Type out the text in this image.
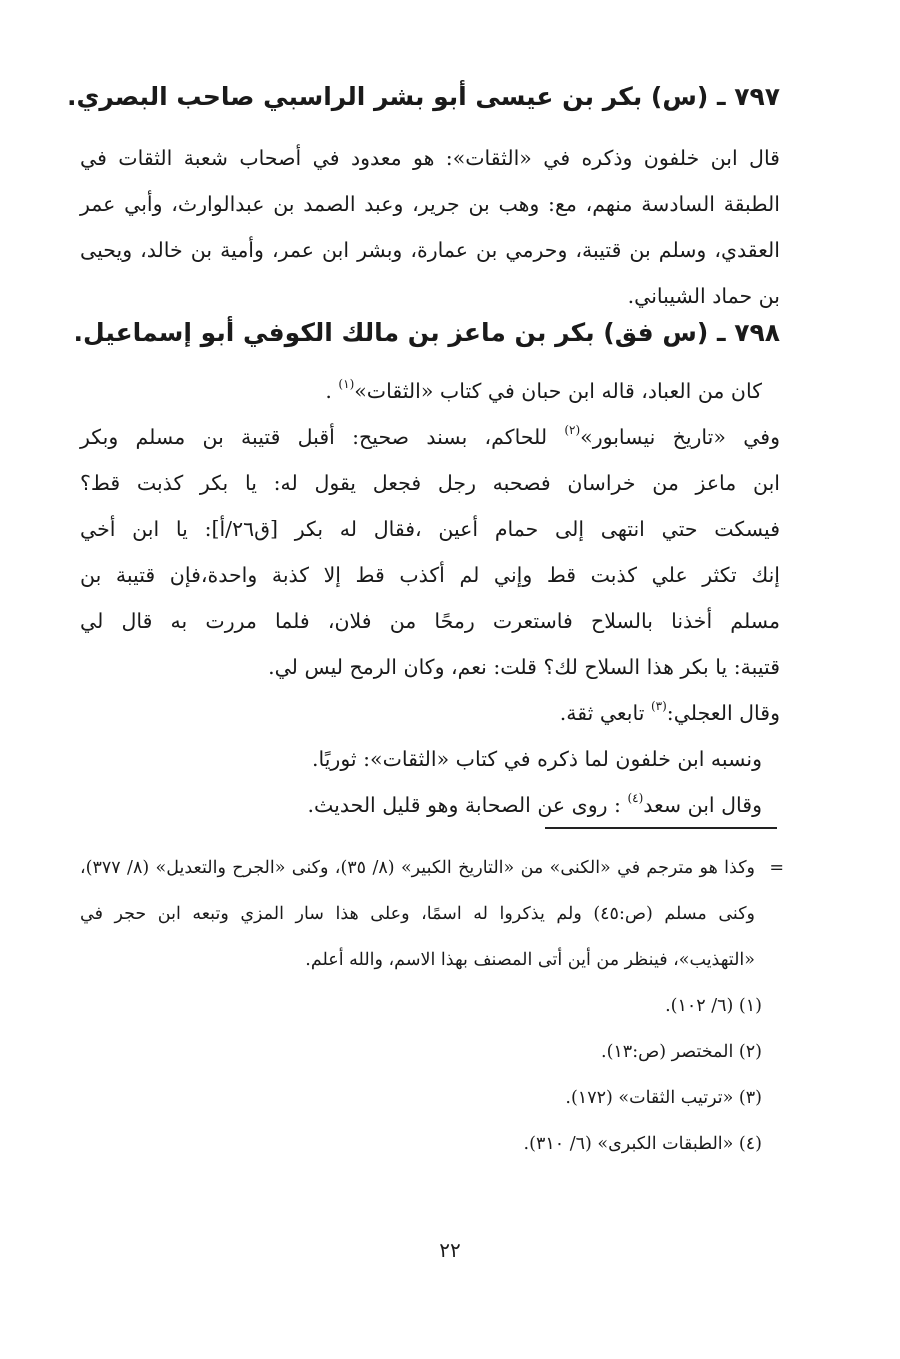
٧٩٧ ـ (س) بكر بن عيسى أبو بشر الراسبي صاحب البصري.

قال ابن خلفون وذكره في «الثقات»: هو معدود في أصحاب شعبة الثقات في الطبقة السادسة منهم، مع: وهب بن جرير، وعبد الصمد بن عبدالوارث، وأبي عمر العقدي، وسلم بن قتيبة، وحرمي بن عمارة، وبشر ابن عمر، وأمية بن خالد، ويحيى بن حماد الشيباني.

٧٩٨ ـ (س فق) بكر بن ماعز بن مالك الكوفي أبو إسماعيل.

كان من العباد، قاله ابن حبان في كتاب «الثقات»$^{(١)}$ .

وفي «تاريخ نيسابور»$^{(٢)}$ للحاكم، بسند صحيح: أقبل قتيبة بن مسلم وبكر

ابن ماعز من خراسان فصحبه رجل فجعل يقول له: يا بكر كذبت قط؟

فيسكت حتي انتهى إلى حمام أعين ،فقال له بكر [ق٢٦/أ]: يا ابن أخي

إنك تكثر علي كذبت قط وإني لم أكذب قط إلا كذبة واحدة،فإن قتيبة بن

مسلم أخذنا بالسلاح فاستعرت رمحًا من فلان، فلما مررت به قال لي

قتيبة: يا بكر هذا السلاح لك؟ قلت: نعم، وكان الرمح ليس لي.

وقال العجلي:$^{(٣)}$ تابعي ثقة.

ونسبه ابن خلفون لما ذكره في كتاب «الثقات»: ثوريًا.

وقال ابن سعد$^{(٤)}$ : روى عن الصحابة وهو قليل الحديث.

=
وكذا هو مترجم في «الكنى» من «التاريخ الكبير» (٨/ ٣٥)، وكنى «الجرح والتعديل» (٨/ ٣٧٧)، وكنى مسلم (ص:٤٥) ولم يذكروا له اسمًا، وعلى هذا سار المزي وتبعه ابن حجر في «التهذيب»، فينظر من أين أتى المصنف بهذا الاسم، والله أعلم.

(١) (٦/ ١٠٢).

(٢) المختصر (ص:١٣).

(٣) «ترتيب الثقات» (١٧٢).

(٤) «الطبقات الكبرى» (٦/ ٣١٠).

٢٢
